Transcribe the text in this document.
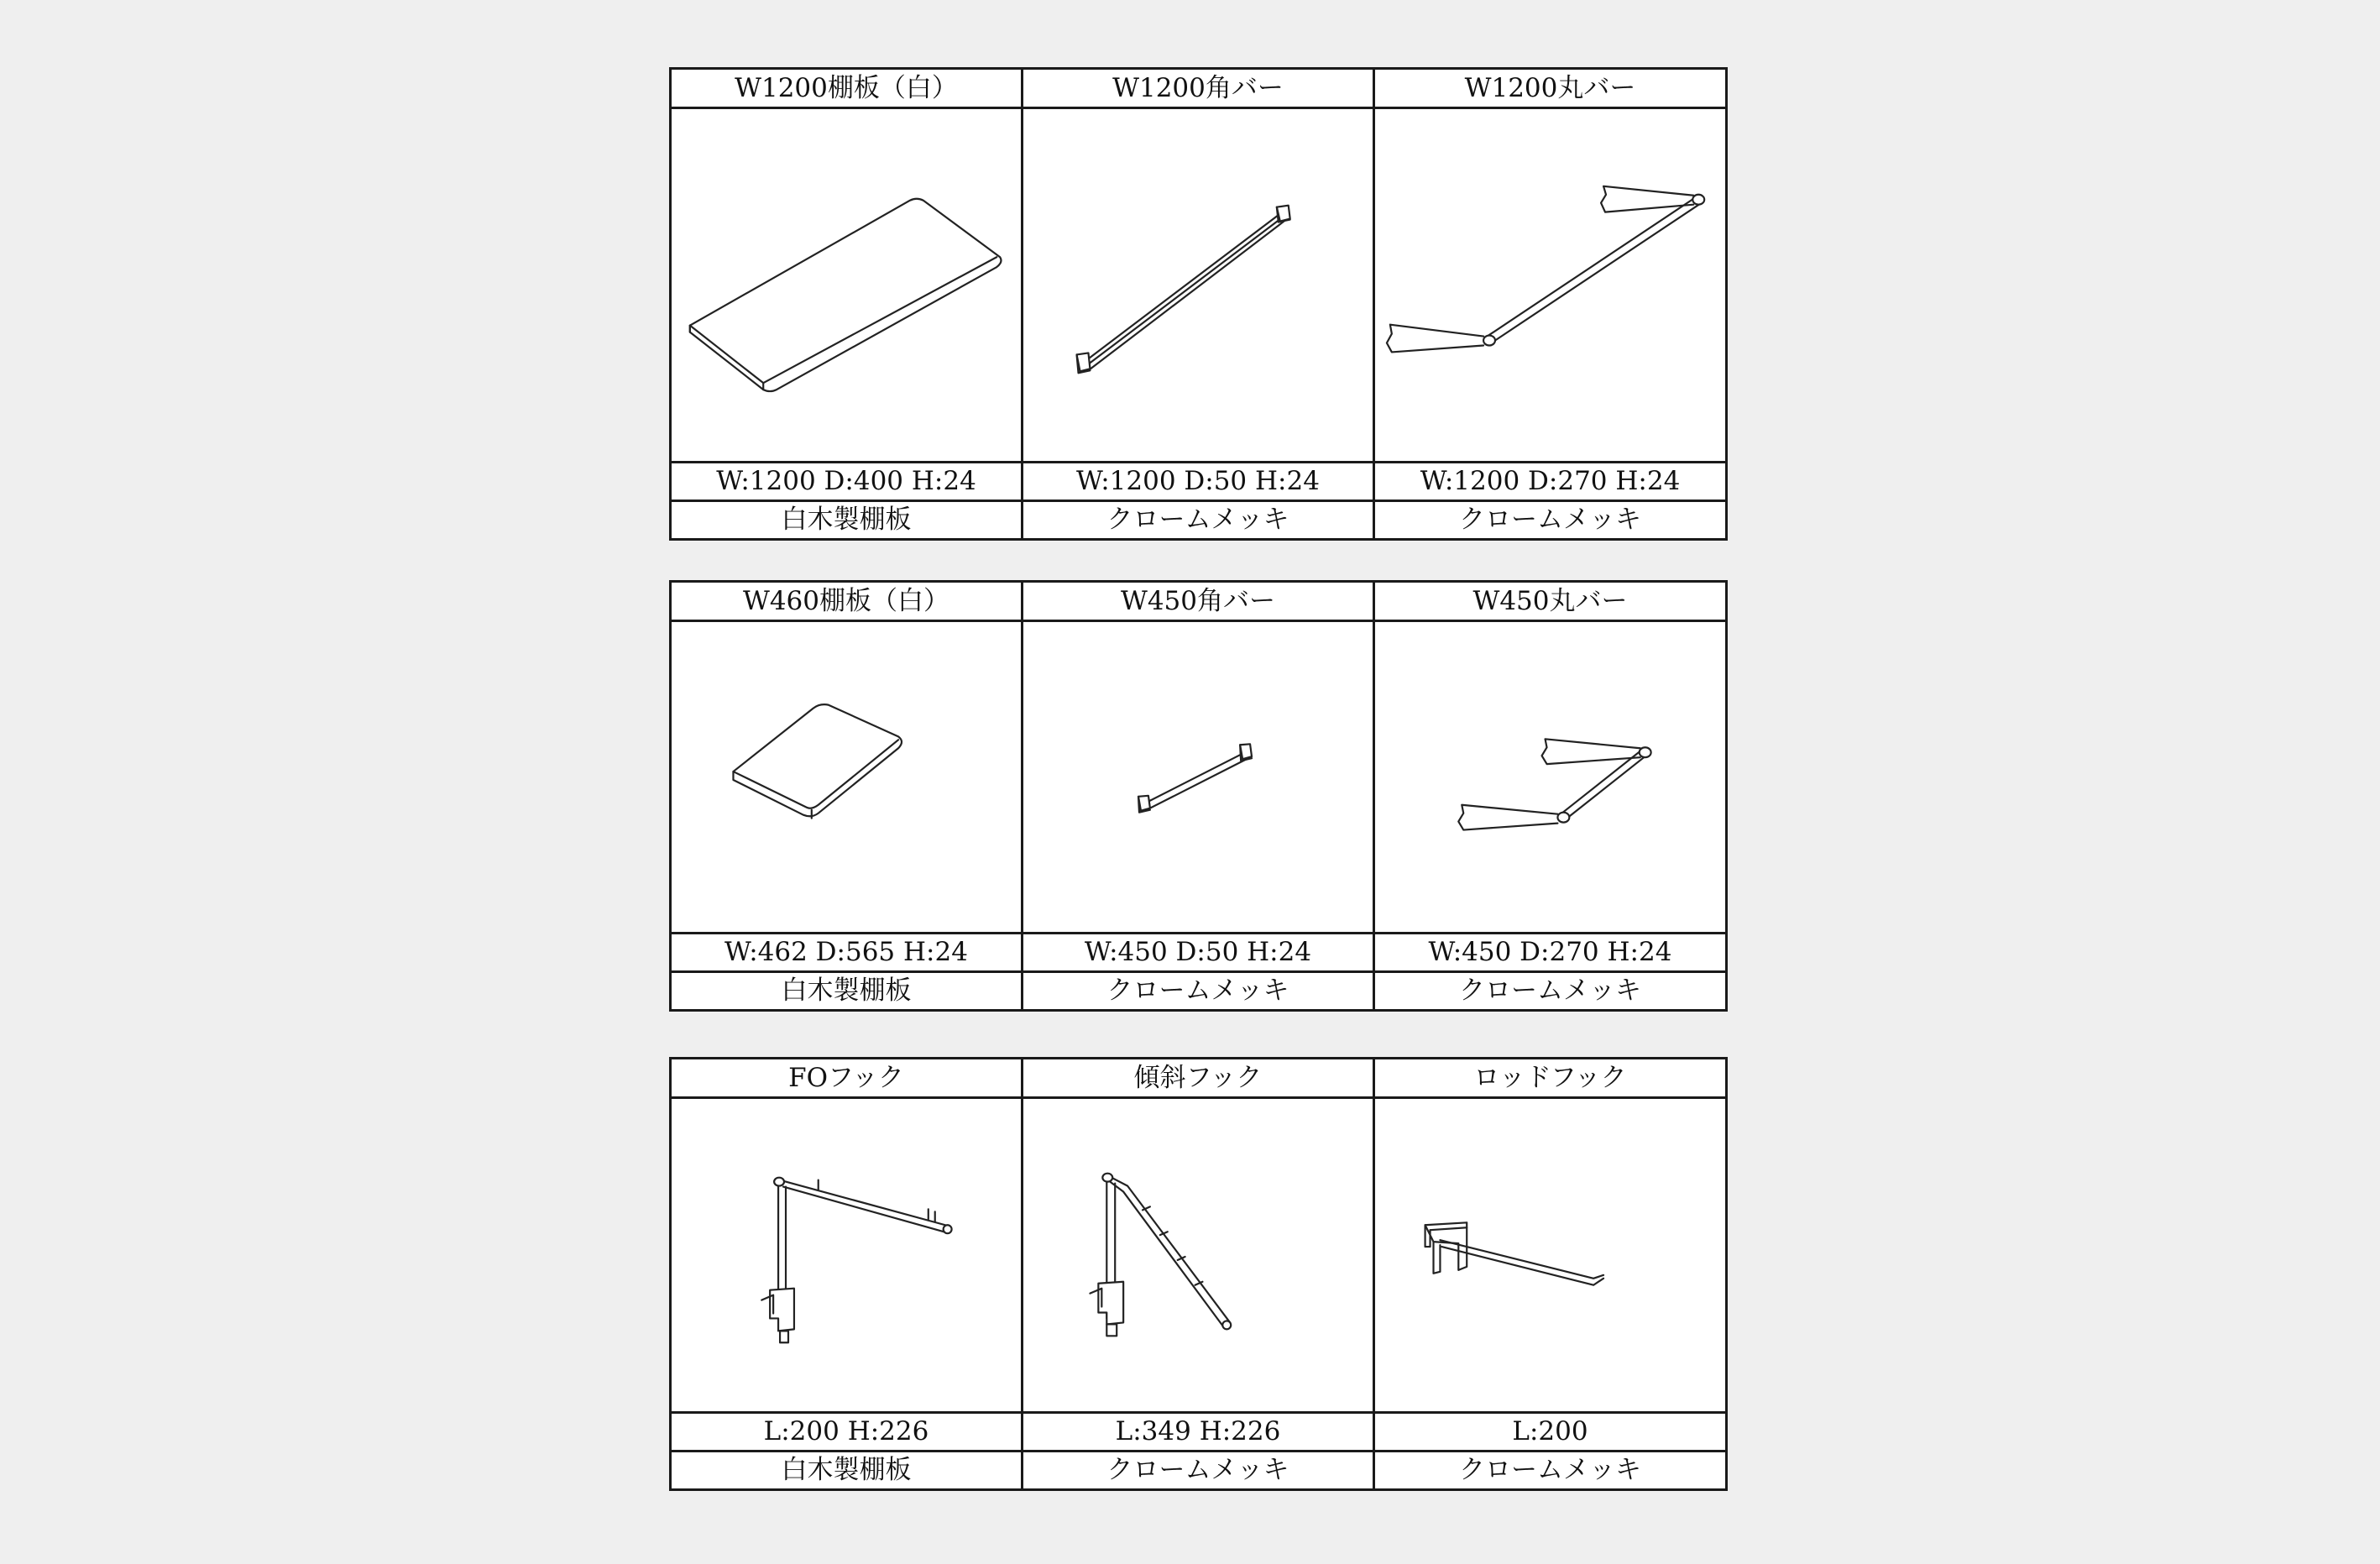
W1200棚板（白）	W1200角バー	W1200丸バー

W:1200 D:400 H:24	W:1200 D:50 H:24	W:1200 D:270 H:24
白木製棚板	クロームメッキ	クロームメッキ
W460棚板（白）	W450角バー	W450丸バー

W:462 D:565 H:24	W:450 D:50 H:24	W:450 D:270 H:24
白木製棚板	クロームメッキ	クロームメッキ
FOフック	傾斜フック	ロッドフック

L:200 H:226	L:349 H:226	L:200
白木製棚板	クロームメッキ	クロームメッキ
